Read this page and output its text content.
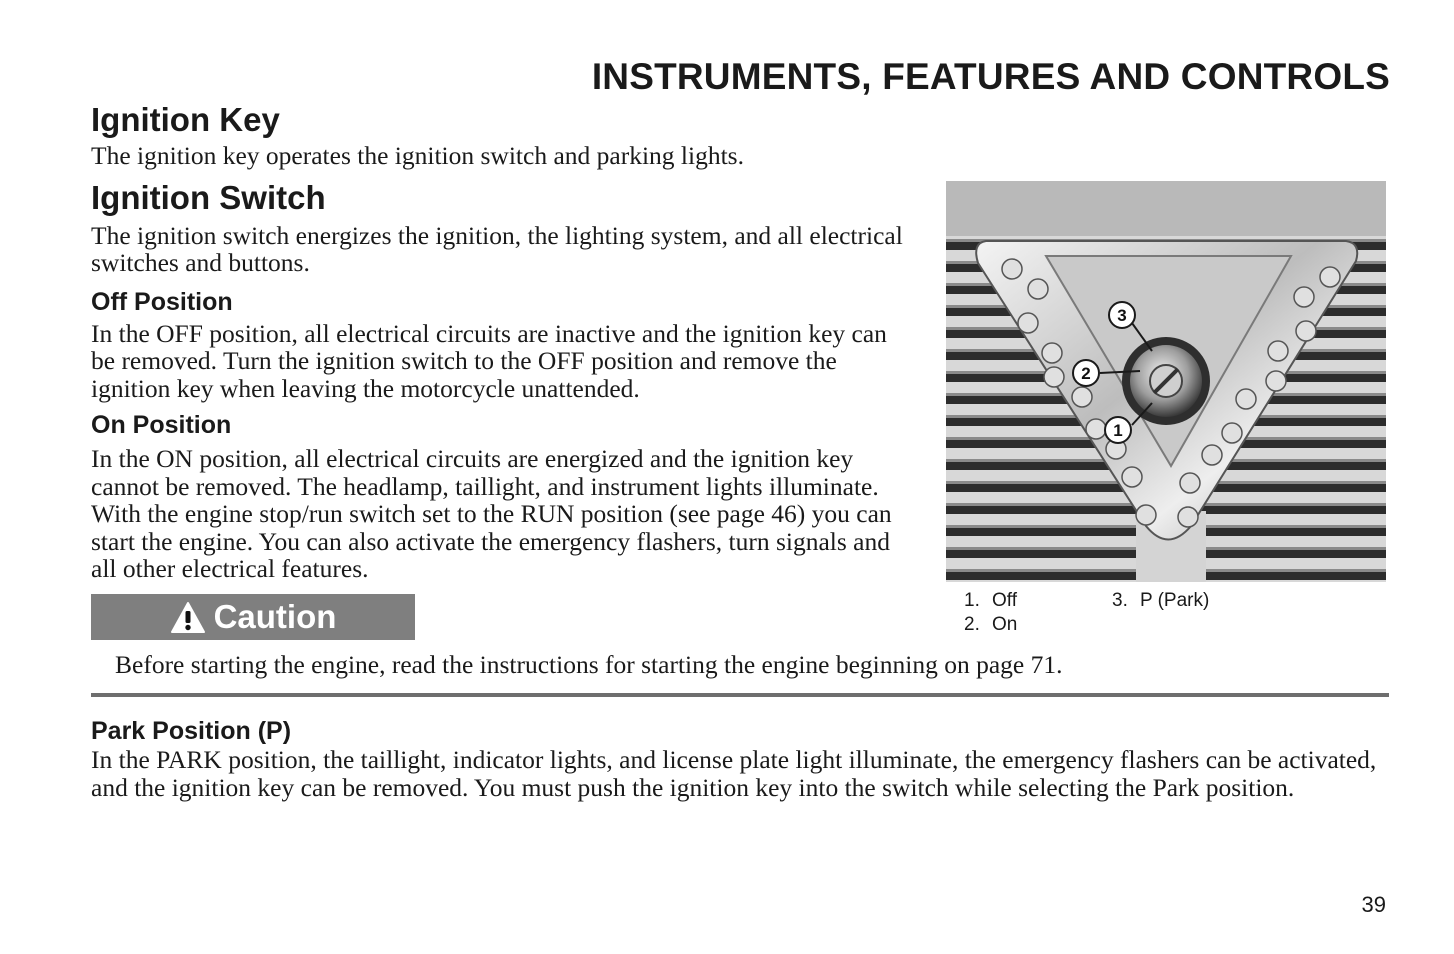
INSTRUMENTS, FEATURES AND CONTROLS
Ignition Key

The ignition key operates the ignition switch and parking lights.

Ignition Switch

The ignition switch energizes the ignition, the lighting system, and all electrical switches and buttons.

Off Position

In the OFF position, all electrical circuits are inactive and the ignition key can be removed. Turn the ignition switch to the OFF position and remove the ignition key when leaving the motorcycle unattended.

On Position

In the ON position, all electrical circuits are energized and the ignition key cannot be removed. The headlamp, taillight, and instrument lights illuminate. With the engine stop/run switch set to the RUN position (see page 46) you can start the engine. You can also activate the emergency flashers, turn signals and all other electrical features.

3
2
1
1. Off
2. On
3. P (Park)
Caution
Before starting the engine, read the instructions for starting the engine beginning on page 71.
Park Position (P)

In the PARK position, the taillight, indicator lights, and license plate light illuminate, the emergency flashers can be activated, and the ignition key can be removed. You must push the ignition key into the switch while selecting the Park position.

39
